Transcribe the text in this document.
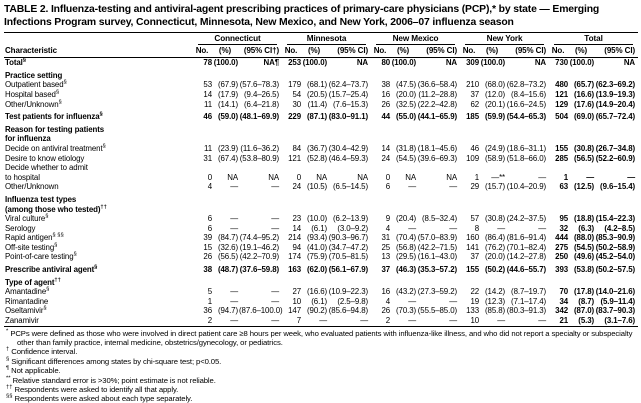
TABLE 2. Influenza-testing and antiviral-agent prescribing practices of primary-care physicians (PCP),* by state — Emerging Infections Program survey, Connecticut, Minnesota, New Mexico, and New York, 2006–07 influenza season

	Connecticut			Minnesota			New Mexico			New York			Total		

Characteristic	No.	(%)	(95% CI†)	No.	(%)	(95% CI)	No.	(%)	(95% CI)	No.	(%)	(95% CI)	No.	(%)	(95% CI)
Total§	78	(100.0)	NA¶	253	(100.0)	NA	80	(100.0)	NA	309	(100.0)	NA	730	(100.0)	NA
Practice setting															
Outpatient based§	53	(67.9)	(57.6–78.3)	179	(68.1)	(62.4–73.7)	38	(47.5)	(36.6–58.4)	210	(68.0)	(62.8–73.2)	480	(65.7)	(62.3–69.2)
Hospital based§	14	(17.9)	(9.4–26.5)	54	(20.5)	(15.7–25.4)	16	(20.0)	(11.2–28.8)	37	(12.0)	(8.4–15.6)	121	(16.6)	(13.9–19.3)
Other/Unknown§	11	(14.1)	(6.4–21.8)	30	(11.4)	(7.6–15.3)	26	(32.5)	(22.2–42.8)	62	(20.1)	(16.6–24.5)	129	(17.6)	(14.9–20.4)
Test patients for influenza§	46	(59.0)	(48.1–69.9)	229	(87.1)	(83.0–91.1)	44	(55.0)	(44.1–65.9)	185	(59.9)	(54.4–65.3)	504	(69.0)	(65.7–72.4)
Reason for testing patients															
for influenza															
Decide on antiviral treatment§	11	(23.9)	(11.6–36.2)	84	(36.7)	(30.4–42.9)	14	(31.8)	(18.1–45.6)	46	(24.9)	(18.6–31.1)	155	(30.8)	(26.7–34.8)
Desire to know etiology	31	(67.4)	(53.8–80.9)	121	(52.8)	(46.4–59.3)	24	(54.5)	(39.6–69.3)	109	(58.9)	(51.8–66.0)	285	(56.5)	(52.2–60.9)
Decide whether to admit															
to hospital	0	NA	NA	0	NA	NA	0	NA	NA	1	—**	—	1	—	—
Other/Unknown	4	—	—	24	(10.5)	(6.5–14.5)	6	—	—	29	(15.7)	(10.4–20.9)	63	(12.5)	(9.6–15.4)
Influenza test types															
(among those who tested)††															
Viral culture§	6	—	—	23	(10.0)	(6.2–13.9)	9	(20.4)	(8.5–32.4)	57	(30.8)	(24.2–37.5)	95	(18.8)	(15.4–22.3)
Serology	6	—	—	14	(6.1)	(3.0–9.2)	4	—	—	8	—	—	32	(6.3)	(4.2–8.5)
Rapid antigen§ §§	39	(84.7)	(74.4–95.2)	214	(93.4)	(90.3–96.7)	31	(70.4)	(57.0–83.9)	160	(86.4)	(81.6–91.4)	444	(88.0)	(85.3–90.9)
Off-site testing§	15	(32.6)	(19.1–46.2)	94	(41.0)	(34.7–47.2)	25	(56.8)	(42.2–71.5)	141	(76.2)	(70.1–82.4)	275	(54.5)	(50.2–58.9)
Point-of-care testing§	26	(56.5)	(42.2–70.9)	174	(75.9)	(70.5–81.5)	13	(29.5)	(16.1–43.0)	37	(20.0)	(14.2–27.8)	250	(49.6)	(45.2–54.0)
Prescribe antiviral agent§	38	(48.7)	(37.6–59.8)	163	(62.0)	(56.1–67.9)	37	(46.3)	(35.3–57.2)	155	(50.2)	(44.6–55.7)	393	(53.8)	(50.2–57.5)
Type of agent††															
Amantadine§	5	—	—	27	(16.6)	(10.9–22.3)	16	(43.2)	(27.3–59.2)	22	(14.2)	(8.7–19.7)	70	(17.8)	(14.0–21.6)
Rimantadine	1	—	—	10	(6.1)	(2.5–9.8)	4	—	—	19	(12.3)	(7.1–17.4)	34	(8.7)	(5.9–11.4)
Oseltamivir§	36	(94.7)	(87.6–100.0)	147	(90.2)	(85.6–94.8)	26	(70.3)	(55.5–85.0)	133	(85.8)	(80.3–91.3)	342	(87.0)	(83.7–90.3)
Zanamivir	2	—	—	7	—	—	2	—	—	10	—	—	21	(5.3)	(3.1–7.6)
* PCPs were defined as those who were involved in direct patient care ≥8 hours per week, who evaluated patients with influenza-like illness, and who did not report a specialty or subspecialty other than family practice, internal medicine, obstetrics/gynecology, or pediatrics.
† Confidence interval.
§ Significant differences among states by chi-square test; p<0.05.
¶ Not applicable.
** Relative standard error is >30%; point estimate is not reliable.
†† Respondents were asked to identify all that apply.
§§ Respondents were asked about each type separately.
